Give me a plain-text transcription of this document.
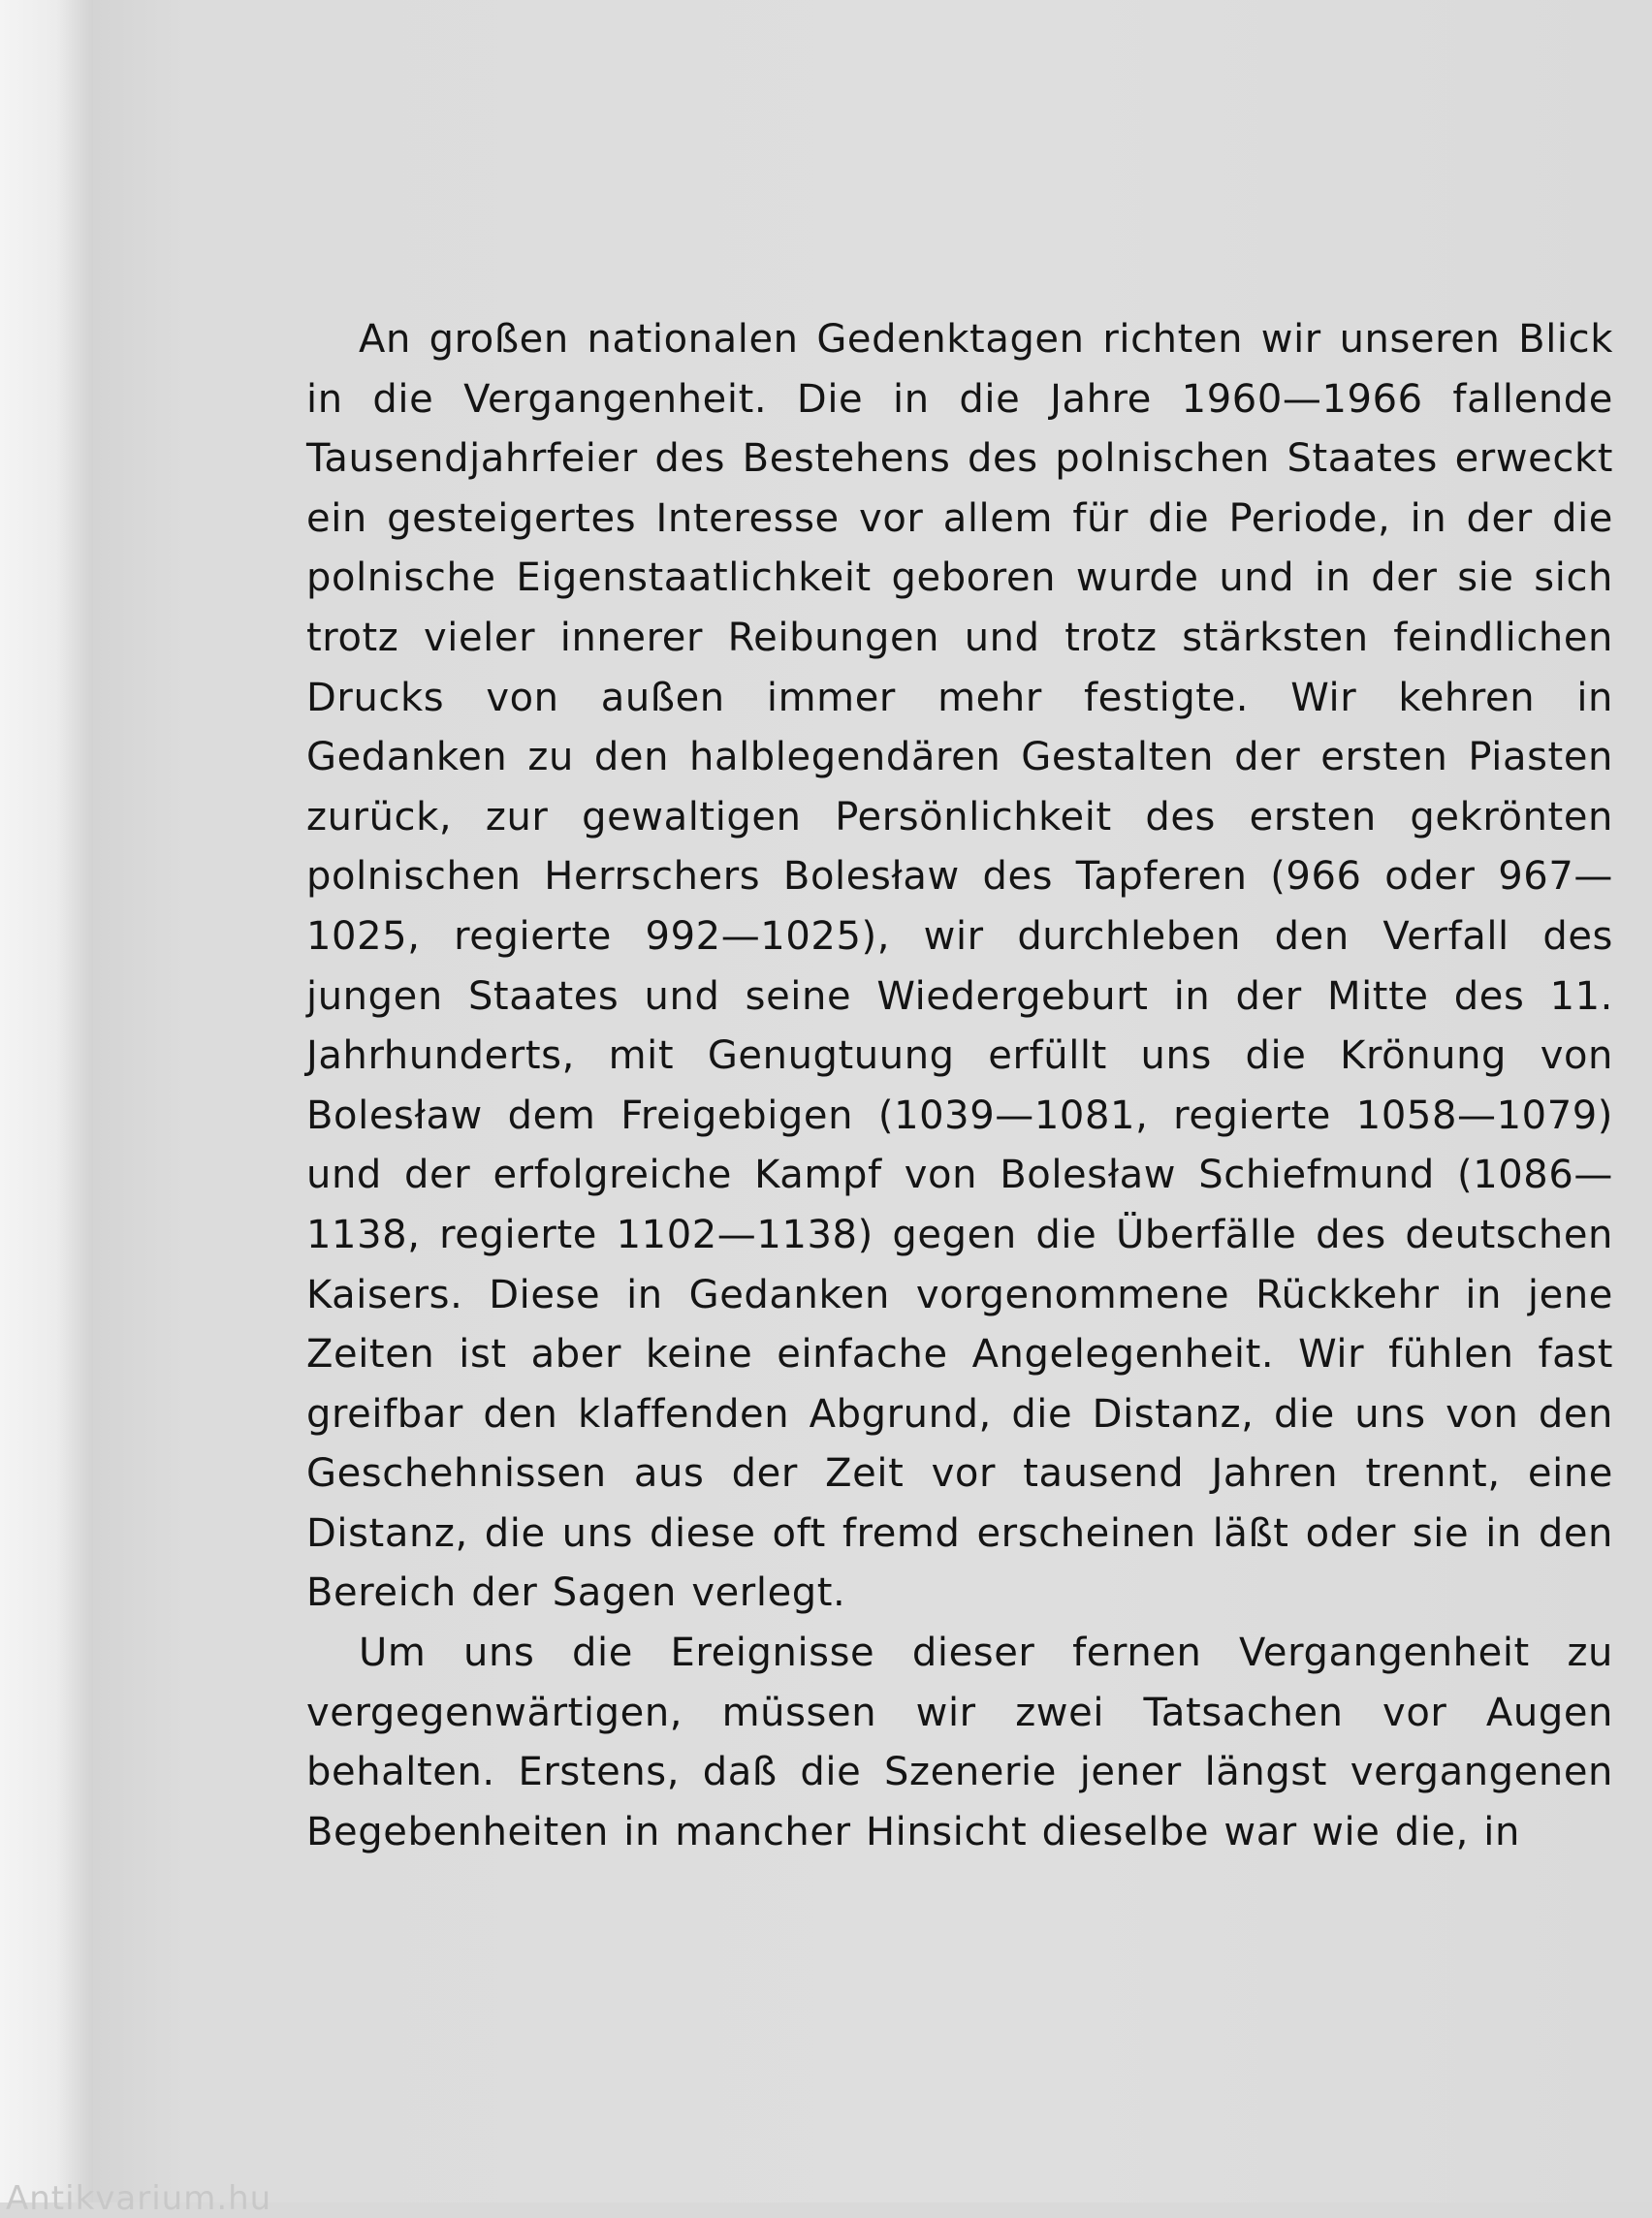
An großen nationalen Gedenktagen richten wir unseren Blick in die Vergangenheit. Die in die Jahre 1960—1966 fallende Tausendjahrfeier des Bestehens des polnischen Staates erweckt ein gesteigertes Interesse vor allem für die Periode, in der die polnische Eigenstaatlichkeit geboren wurde und in der sie sich trotz vieler innerer Reibungen und trotz stärksten feindlichen Drucks von außen immer mehr festigte. Wir kehren in Gedanken zu den halblegendären Gestalten der ersten Piasten zurück, zur gewaltigen Persönlichkeit des ersten gekrönten polnischen Herrschers Bolesław des Tapferen (966 oder 967—1025, regierte 992—1025), wir durchleben den Verfall des jungen Staates und seine Wiedergeburt in der Mitte des 11. Jahrhunderts, mit Genugtuung erfüllt uns die Krönung von Bolesław dem Freigebigen (1039—1081, regierte 1058—1079) und der erfolgreiche Kampf von Bolesław Schiefmund (1086—1138, regierte 1102—1138) gegen die Überfälle des deutschen Kaisers. Diese in Gedanken vorgenommene Rückkehr in jene Zeiten ist aber keine einfache Angelegenheit. Wir fühlen fast greifbar den klaffenden Abgrund, die Distanz, die uns von den Geschehnissen aus der Zeit vor tausend Jahren trennt, eine Distanz, die uns diese oft fremd erscheinen läßt oder sie in den Bereich der Sagen verlegt.

Um uns die Ereignisse dieser fernen Vergangenheit zu vergegenwärtigen, müssen wir zwei Tatsachen vor Augen behalten. Erstens, daß die Szenerie jener längst vergangenen Begebenheiten in mancher Hinsicht dieselbe war wie die, in

Antikvarium.hu
